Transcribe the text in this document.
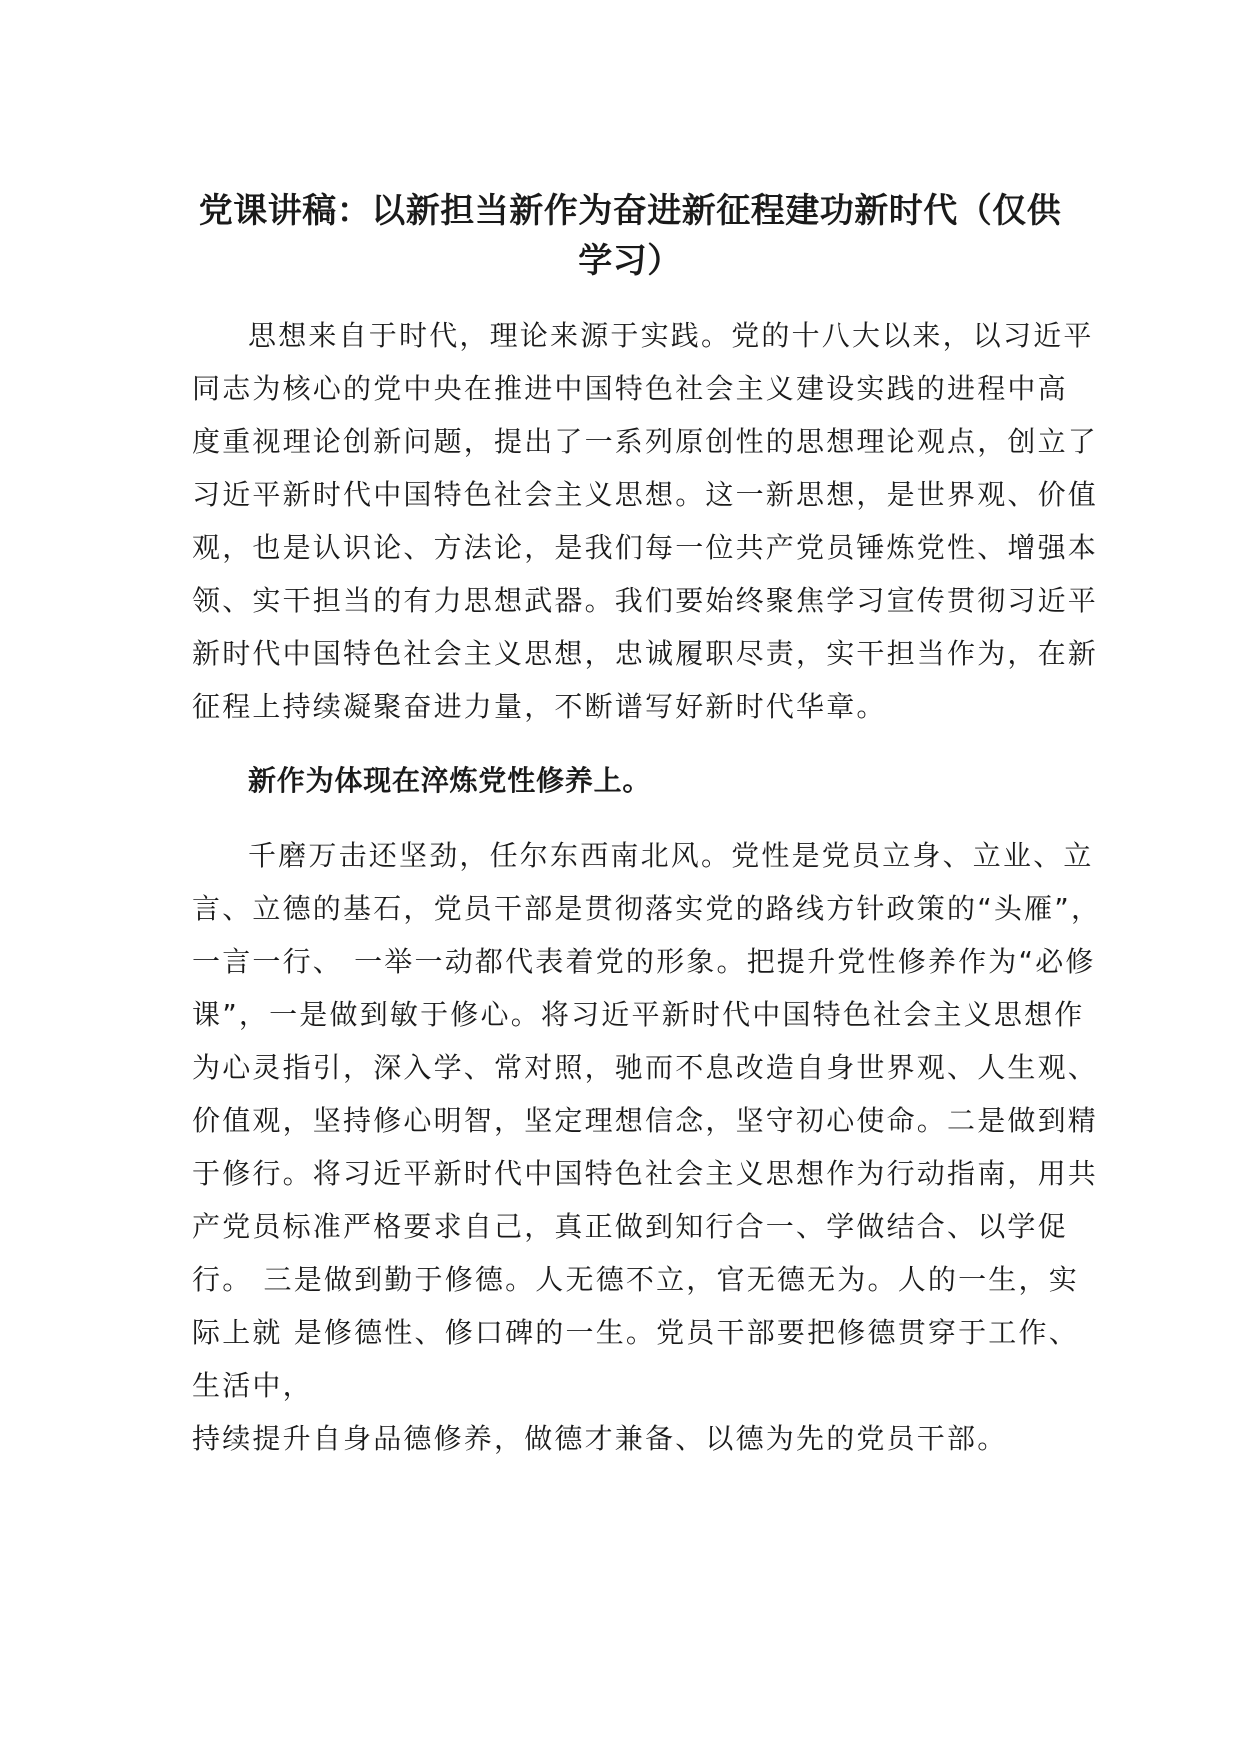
党课讲稿：以新担当新作为奋进新征程建功新时代（仅供学习）

思想来自于时代，理论来源于实践。党的十八大以来，以习近平

同志为核心的党中央在推进中国特色社会主义建设实践的进程中高

度重视理论创新问题，提出了一系列原创性的思想理论观点，创立了

习近平新时代中国特色社会主义思想。这一新思想，是世界观、价值

观，也是认识论、方法论，是我们每一位共产党员锤炼党性、增强本

领、实干担当的有力思想武器。我们要始终聚焦学习宣传贯彻习近平

新时代中国特色社会主义思想，忠诚履职尽责，实干担当作为，在新

征程上持续凝聚奋进力量，不断谱写好新时代华章。

新作为体现在淬炼党性修养上。

千磨万击还坚劲，任尔东西南北风。党性是党员立身、立业、立

言、立德的基石，党员干部是贯彻落实党的路线方针政策的“头雁”，

一言一行、 一举一动都代表着党的形象。把提升党性修养作为“必修

课”，一是做到敏于修心。将习近平新时代中国特色社会主义思想作

为心灵指引，深入学、常对照，驰而不息改造自身世界观、人生观、

价值观，坚持修心明智，坚定理想信念，坚守初心使命。二是做到精

于修行。将习近平新时代中国特色社会主义思想作为行动指南，用共

产党员标准严格要求自己，真正做到知行合一、学做结合、以学促

行。 三是做到勤于修德。人无德不立，官无德无为。人的一生，实

际上就 是修德性、修口碑的一生。党员干部要把修德贯穿于工作、

生活中，

持续提升自身品德修养，做德才兼备、以德为先的党员干部。
